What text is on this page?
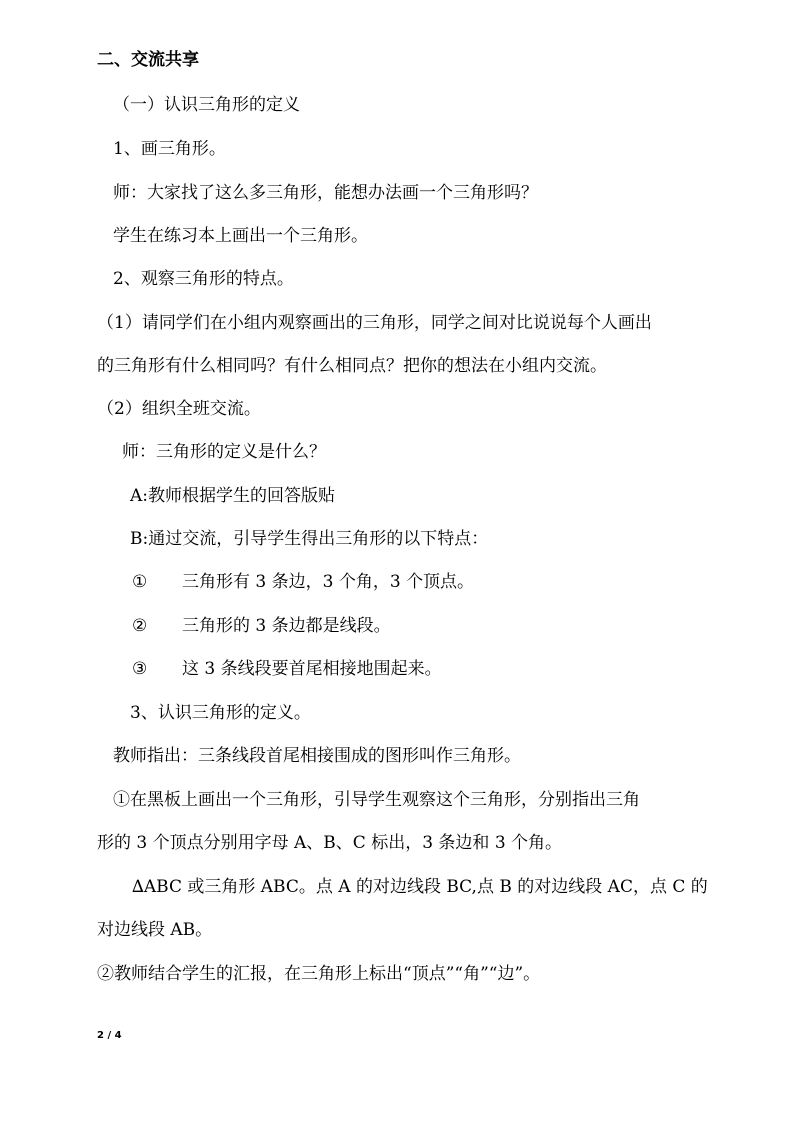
二、交流共享
（一）认识三角形的定义
1、画三角形。
师：大家找了这么多三角形，能想办法画一个三角形吗？
学生在练习本上画出一个三角形。
2、观察三角形的特点。
（1）请同学们在小组内观察画出的三角形，同学之间对比说说每个人画出
的三角形有什么相同吗？有什么相同点？把你的想法在小组内交流。
（2）组织全班交流。
师：三角形的定义是什么？
A:教师根据学生的回答版贴
B:通过交流，引导学生得出三角形的以下特点：
① 三角形有 3 条边，3 个角，3 个顶点。
② 三角形的 3 条边都是线段。
③ 这 3 条线段要首尾相接地围起来。
3、认识三角形的定义。
教师指出：三条线段首尾相接围成的图形叫作三角形。
①在黑板上画出一个三角形，引导学生观察这个三角形，分别指出三角
形的 3 个顶点分别用字母 A、B、C 标出，3 条边和 3 个角。
∆ABC 或三角形 ABC。点 A 的对边线段 BC,点 B 的对边线段 AC，点 C 的
对边线段 AB。
②教师结合学生的汇报，在三角形上标出“顶点”“角”“边”。
2 / 4
